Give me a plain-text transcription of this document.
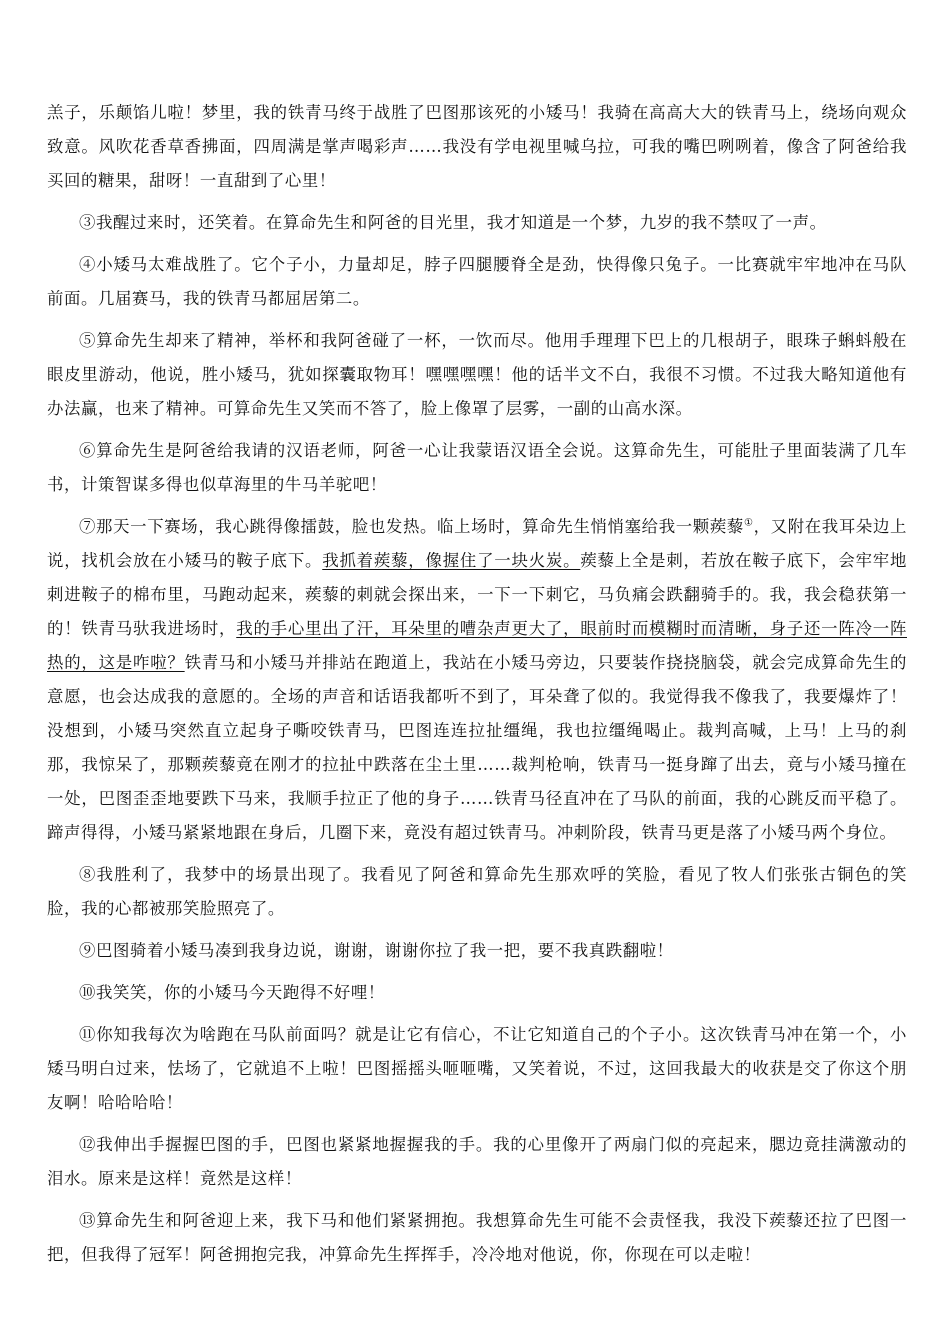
羔子，乐颠馅儿啦！梦里，我的铁青马终于战胜了巴图那该死的小矮马！我骑在高高大大的铁青马上，绕场向观众致意。风吹花香草香拂面，四周满是掌声喝彩声……我没有学电视里喊乌拉，可我的嘴巴咧咧着，像含了阿爸给我买回的糖果，甜呀！一直甜到了心里！

③我醒过来时，还笑着。在算命先生和阿爸的目光里，我才知道是一个梦，九岁的我不禁叹了一声。

④小矮马太难战胜了。它个子小，力量却足，脖子四腿腰脊全是劲，快得像只兔子。一比赛就牢牢地冲在马队前面。几届赛马，我的铁青马都屈居第二。

⑤算命先生却来了精神，举杯和我阿爸碰了一杯，一饮而尽。他用手理理下巴上的几根胡子，眼珠子蝌蚪般在眼皮里游动，他说，胜小矮马，犹如探囊取物耳！嘿嘿嘿嘿！他的话半文不白，我很不习惯。不过我大略知道他有办法赢，也来了精神。可算命先生又笑而不答了，脸上像罩了层雾，一副的山高水深。

⑥算命先生是阿爸给我请的汉语老师，阿爸一心让我蒙语汉语全会说。这算命先生，可能肚子里面装满了几车书，计策智谋多得也似草海里的牛马羊驼吧！

⑦那天一下赛场，我心跳得像擂鼓，脸也发热。临上场时，算命先生悄悄塞给我一颗蒺藜①，又附在我耳朵边上说，找机会放在小矮马的鞍子底下。我抓着蒺藜，像握住了一块火炭。蒺藜上全是刺，若放在鞍子底下，会牢牢地刺进鞍子的棉布里，马跑动起来，蒺藜的刺就会探出来，一下一下刺它，马负痛会跌翻骑手的。我，我会稳获第一的！铁青马驮我进场时，我的手心里出了汗，耳朵里的嘈杂声更大了，眼前时而模糊时而清晰，身子还一阵冷一阵热的，这是咋啦？铁青马和小矮马并排站在跑道上，我站在小矮马旁边，只要装作挠挠脑袋，就会完成算命先生的意愿，也会达成我的意愿的。全场的声音和话语我都听不到了，耳朵聋了似的。我觉得我不像我了，我要爆炸了！没想到，小矮马突然直立起身子嘶咬铁青马，巴图连连拉扯缰绳，我也拉缰绳喝止。裁判高喊，上马！上马的刹那，我惊呆了，那颗蒺藜竟在刚才的拉扯中跌落在尘土里……裁判枪响，铁青马一挺身蹿了出去，竟与小矮马撞在一处，巴图歪歪地要跌下马来，我顺手拉正了他的身子……铁青马径直冲在了马队的前面，我的心跳反而平稳了。蹄声得得，小矮马紧紧地跟在身后，几圈下来，竟没有超过铁青马。冲刺阶段，铁青马更是落了小矮马两个身位。

⑧我胜利了，我梦中的场景出现了。我看见了阿爸和算命先生那欢呼的笑脸，看见了牧人们张张古铜色的笑脸，我的心都被那笑脸照亮了。

⑨巴图骑着小矮马凑到我身边说，谢谢，谢谢你拉了我一把，要不我真跌翻啦！

⑩我笑笑，你的小矮马今天跑得不好哩！

⑪你知我每次为啥跑在马队前面吗？就是让它有信心，不让它知道自己的个子小。这次铁青马冲在第一个，小矮马明白过来，怯场了，它就追不上啦！巴图摇摇头咂咂嘴，又笑着说，不过，这回我最大的收获是交了你这个朋友啊！哈哈哈哈！

⑫我伸出手握握巴图的手，巴图也紧紧地握握我的手。我的心里像开了两扇门似的亮起来，腮边竟挂满激动的泪水。原来是这样！竟然是这样！

⑬算命先生和阿爸迎上来，我下马和他们紧紧拥抱。我想算命先生可能不会责怪我，我没下蒺藜还拉了巴图一把，但我得了冠军！阿爸拥抱完我，冲算命先生挥挥手，冷冷地对他说，你，你现在可以走啦！
